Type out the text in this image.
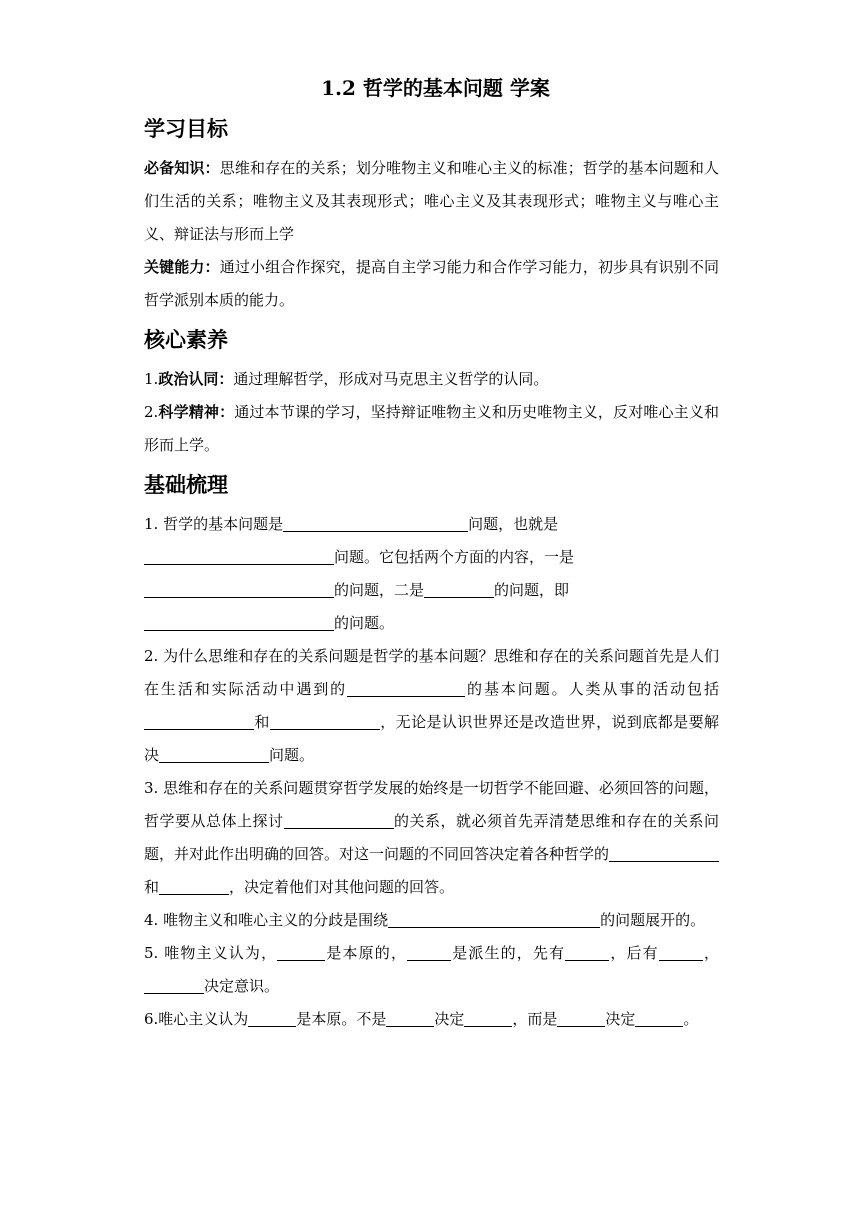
1.2 哲学的基本问题 学案
学习目标

必备知识：思维和存在的关系；划分唯物主义和唯心主义的标准；哲学的基本问题和人们生活的关系；唯物主义及其表现形式；唯心主义及其表现形式；唯物主义与唯心主义、辩证法与形而上学

关键能力：通过小组合作探究，提高自主学习能力和合作学习能力，初步具有识别不同哲学派别本质的能力。

核心素养

1.政治认同：通过理解哲学，形成对马克思主义哲学的认同。

2.科学精神：通过本节课的学习，坚持辩证唯物主义和历史唯物主义，反对唯心主义和形而上学。

基础梳理

1. 哲学的基本问题是	问题，也就是
问题。它包括两个方面的内容，一是
的问题，二是	的问题，即
的问题。

2. 为什么思维和存在的关系问题是哲学的基本问题？思维和存在的关系问题首先是人们在生活和实际活动中遇到的	的基本问题。人类从事的活动包括和	，无论是认识世界还是改造世界，说到底都是要解决	问题。

3. 思维和存在的关系问题贯穿哲学发展的始终是一切哲学不能回避、必须回答的问题，哲学要从总体上探讨	的关系，就必须首先弄清楚思维和存在的关系问题，并对此作出明确的回答。对这一问题的不同回答决定着各种哲学的和	，决定着他们对其他问题的回答。

4. 唯物主义和唯心主义的分歧是围绕	的问题展开的。

5. 唯物主义认为，	是本原的，	是派生的，先有	，后有	，决定意识。

6.唯心主义认为	是本原。不是	决定	，而是	决定	。
